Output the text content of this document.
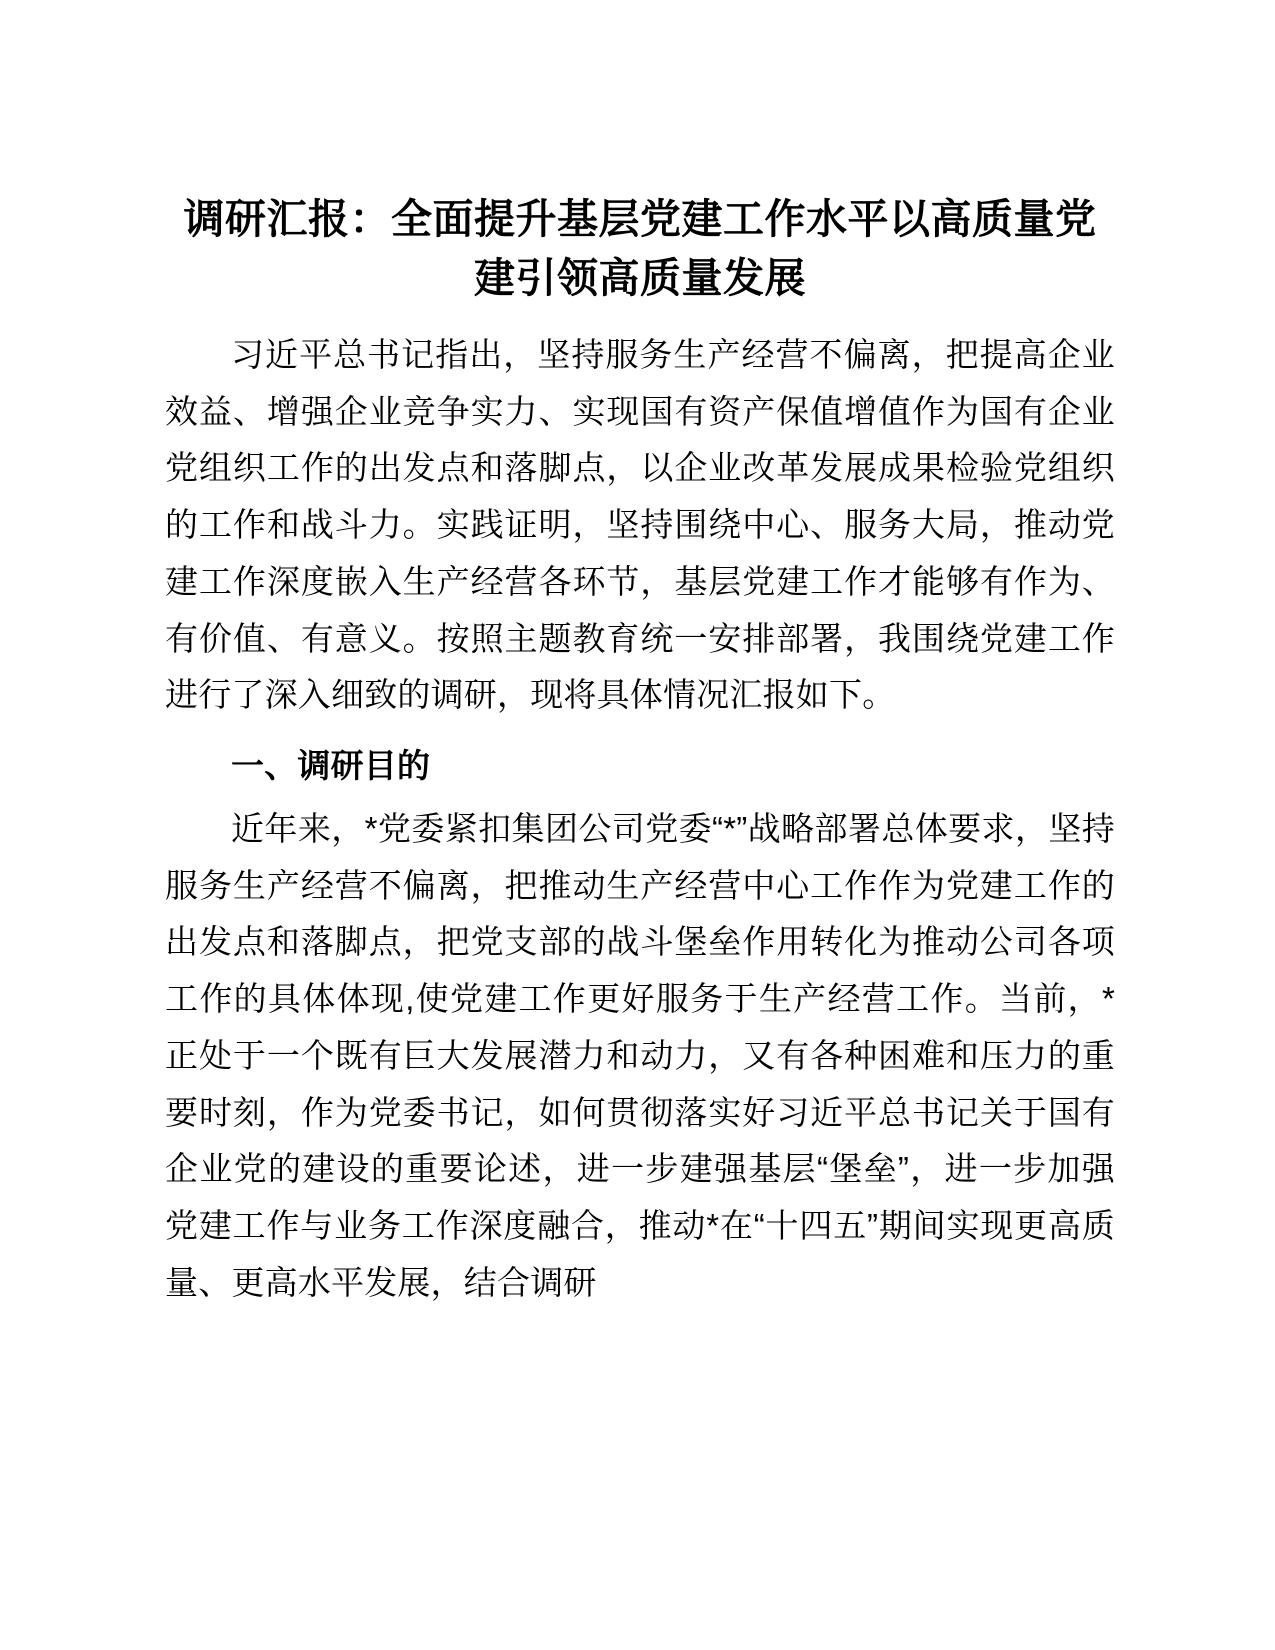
调研汇报：全面提升基层党建工作水平以高质量党建引领高质量发展

习近平总书记指出，坚持服务生产经营不偏离，把提高企业效益、增强企业竞争实力、实现国有资产保值增值作为国有企业党组织工作的出发点和落脚点，以企业改革发展成果检验党组织的工作和战斗力。实践证明，坚持围绕中心、服务大局，推动党建工作深度嵌入生产经营各环节，基层党建工作才能够有作为、有价值、有意义。按照主题教育统一安排部署，我围绕党建工作进行了深入细致的调研，现将具体情况汇报如下。

一、调研目的

近年来，*党委紧扣集团公司党委“*”战略部署总体要求，坚持服务生产经营不偏离，把推动生产经营中心工作作为党建工作的出发点和落脚点，把党支部的战斗堡垒作用转化为推动公司各项工作的具体体现,使党建工作更好服务于生产经营工作。当前，*正处于一个既有巨大发展潜力和动力，又有各种困难和压力的重要时刻，作为党委书记，如何贯彻落实好习近平总书记关于国有企业党的建设的重要论述，进一步建强基层“堡垒”，进一步加强党建工作与业务工作深度融合，推动*在“十四五”期间实现更高质量、更高水平发展，结合调研
